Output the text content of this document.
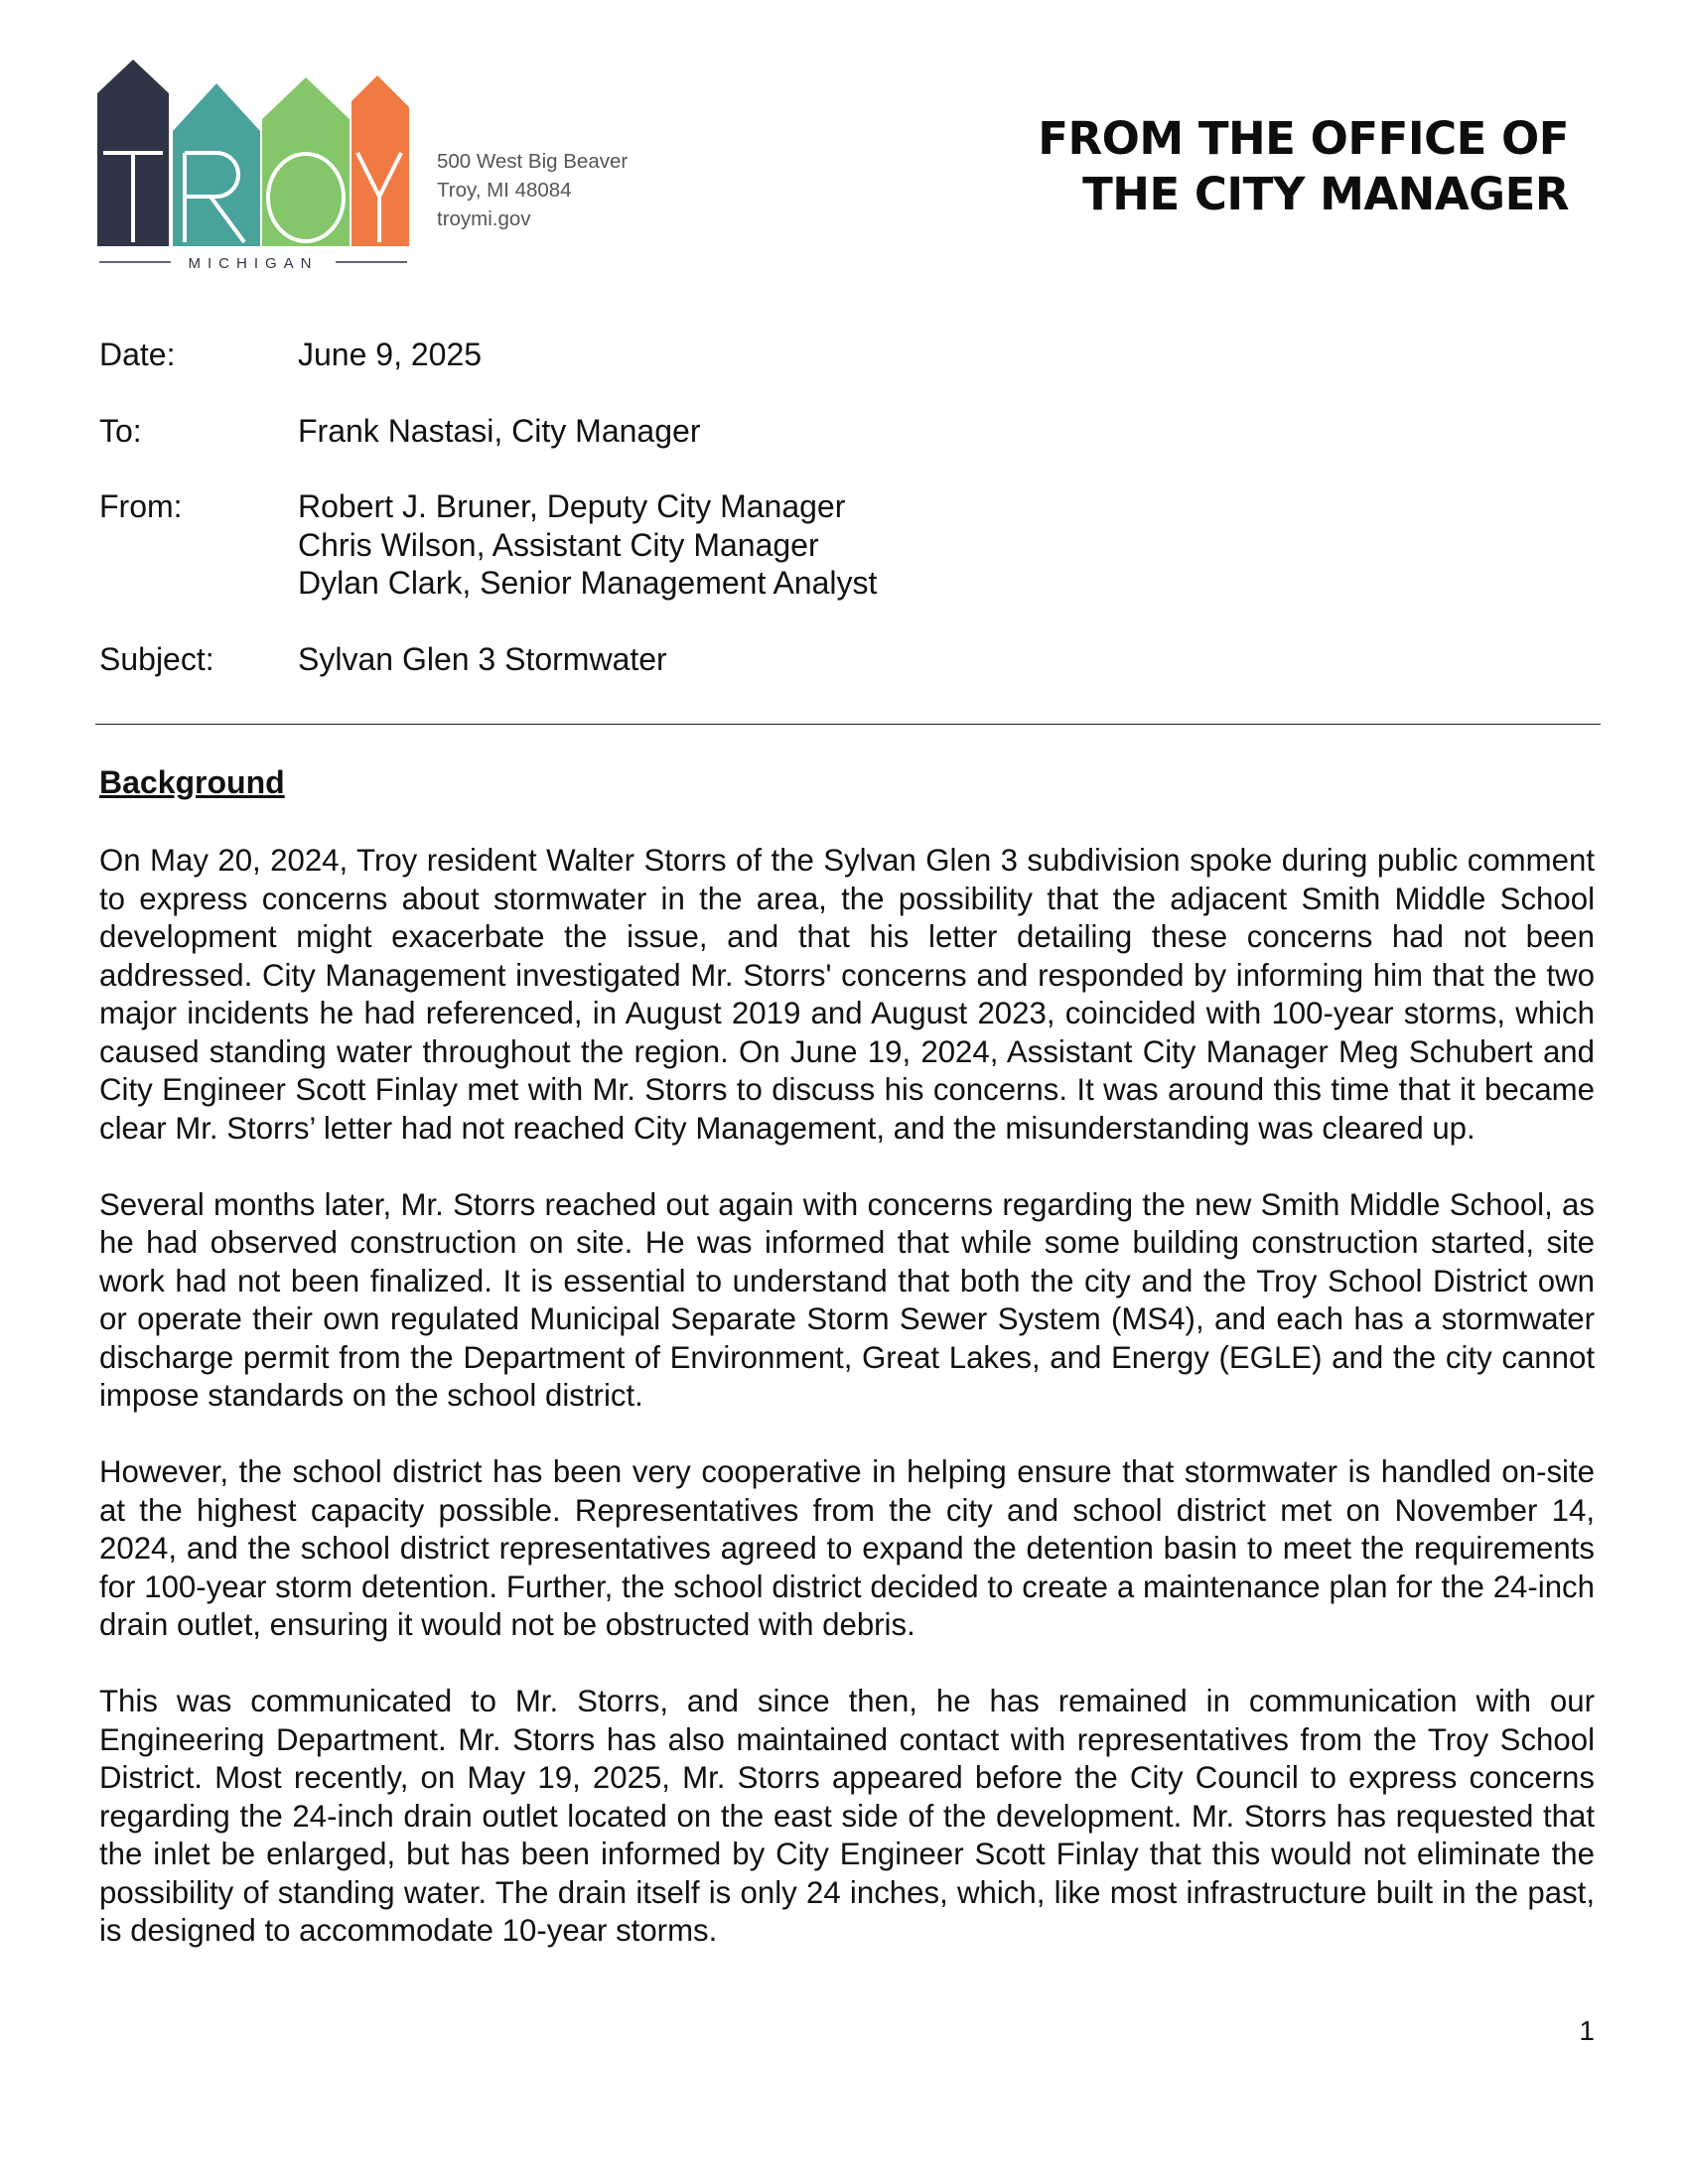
MICHIGAN
500 West Big Beaver
Troy, MI 48084
troymi.gov
FROM THE OFFICE OF
THE CITY MANAGER
Date:	June 9, 2025
To:	Frank Nastasi, City Manager
From:	Robert J. Bruner, Deputy City Manager
Chris Wilson, Assistant City Manager
Dylan Clark, Senior Management Analyst
Subject:	Sylvan Glen 3 Stormwater
Background

On May 20, 2024, Troy resident Walter Storrs of the Sylvan Glen 3 subdivision spoke during public comment to express concerns about stormwater in the area, the possibility that the adjacent Smith Middle School development might exacerbate the issue, and that his letter detailing these concerns had not been addressed. City Management investigated Mr. Storrs' concerns and responded by informing him that the two major incidents he had referenced, in August 2019 and August 2023, coincided with 100-year storms, which caused standing water throughout the region. On June 19, 2024, Assistant City Manager Meg Schubert and City Engineer Scott Finlay met with Mr. Storrs to discuss his concerns. It was around this time that it became clear Mr. Storrs’ letter had not reached City Management, and the misunderstanding was cleared up.

Several months later, Mr. Storrs reached out again with concerns regarding the new Smith Middle School, as he had observed construction on site. He was informed that while some building construction started, site work had not been finalized. It is essential to understand that both the city and the Troy School District own or operate their own regulated Municipal Separate Storm Sewer System (MS4), and each has a stormwater discharge permit from the Department of Environment, Great Lakes, and Energy (EGLE) and the city cannot impose standards on the school district.

However, the school district has been very cooperative in helping ensure that stormwater is handled on-site at the highest capacity possible. Representatives from the city and school district met on November 14, 2024, and the school district representatives agreed to expand the detention basin to meet the requirements for 100-year storm detention. Further, the school district decided to create a maintenance plan for the 24-inch drain outlet, ensuring it would not be obstructed with debris.

This was communicated to Mr. Storrs, and since then, he has remained in communication with our Engineering Department. Mr. Storrs has also maintained contact with representatives from the Troy School District. Most recently, on May 19, 2025, Mr. Storrs appeared before the City Council to express concerns regarding the 24-inch drain outlet located on the east side of the development. Mr. Storrs has requested that the inlet be enlarged, but has been informed by City Engineer Scott Finlay that this would not eliminate the possibility of standing water. The drain itself is only 24 inches, which, like most infrastructure built in the past, is designed to accommodate 10-year storms.

1
